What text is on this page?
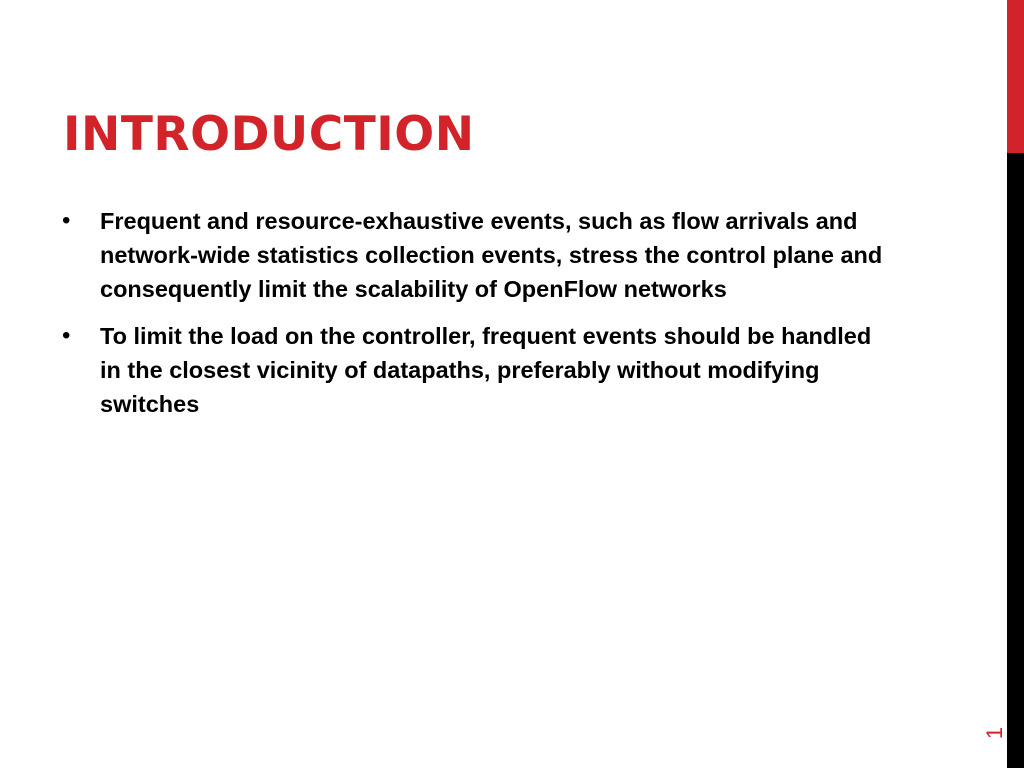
INTRODUCTION
•	Frequent and resource-exhaustive events, such as flow arrivals and network-wide statistics collection events, stress the control plane and consequently limit the scalability of OpenFlow networks
•	To limit the load on the controller, frequent events should be handled in the closest vicinity of datapaths, preferably without modifying switches
1
